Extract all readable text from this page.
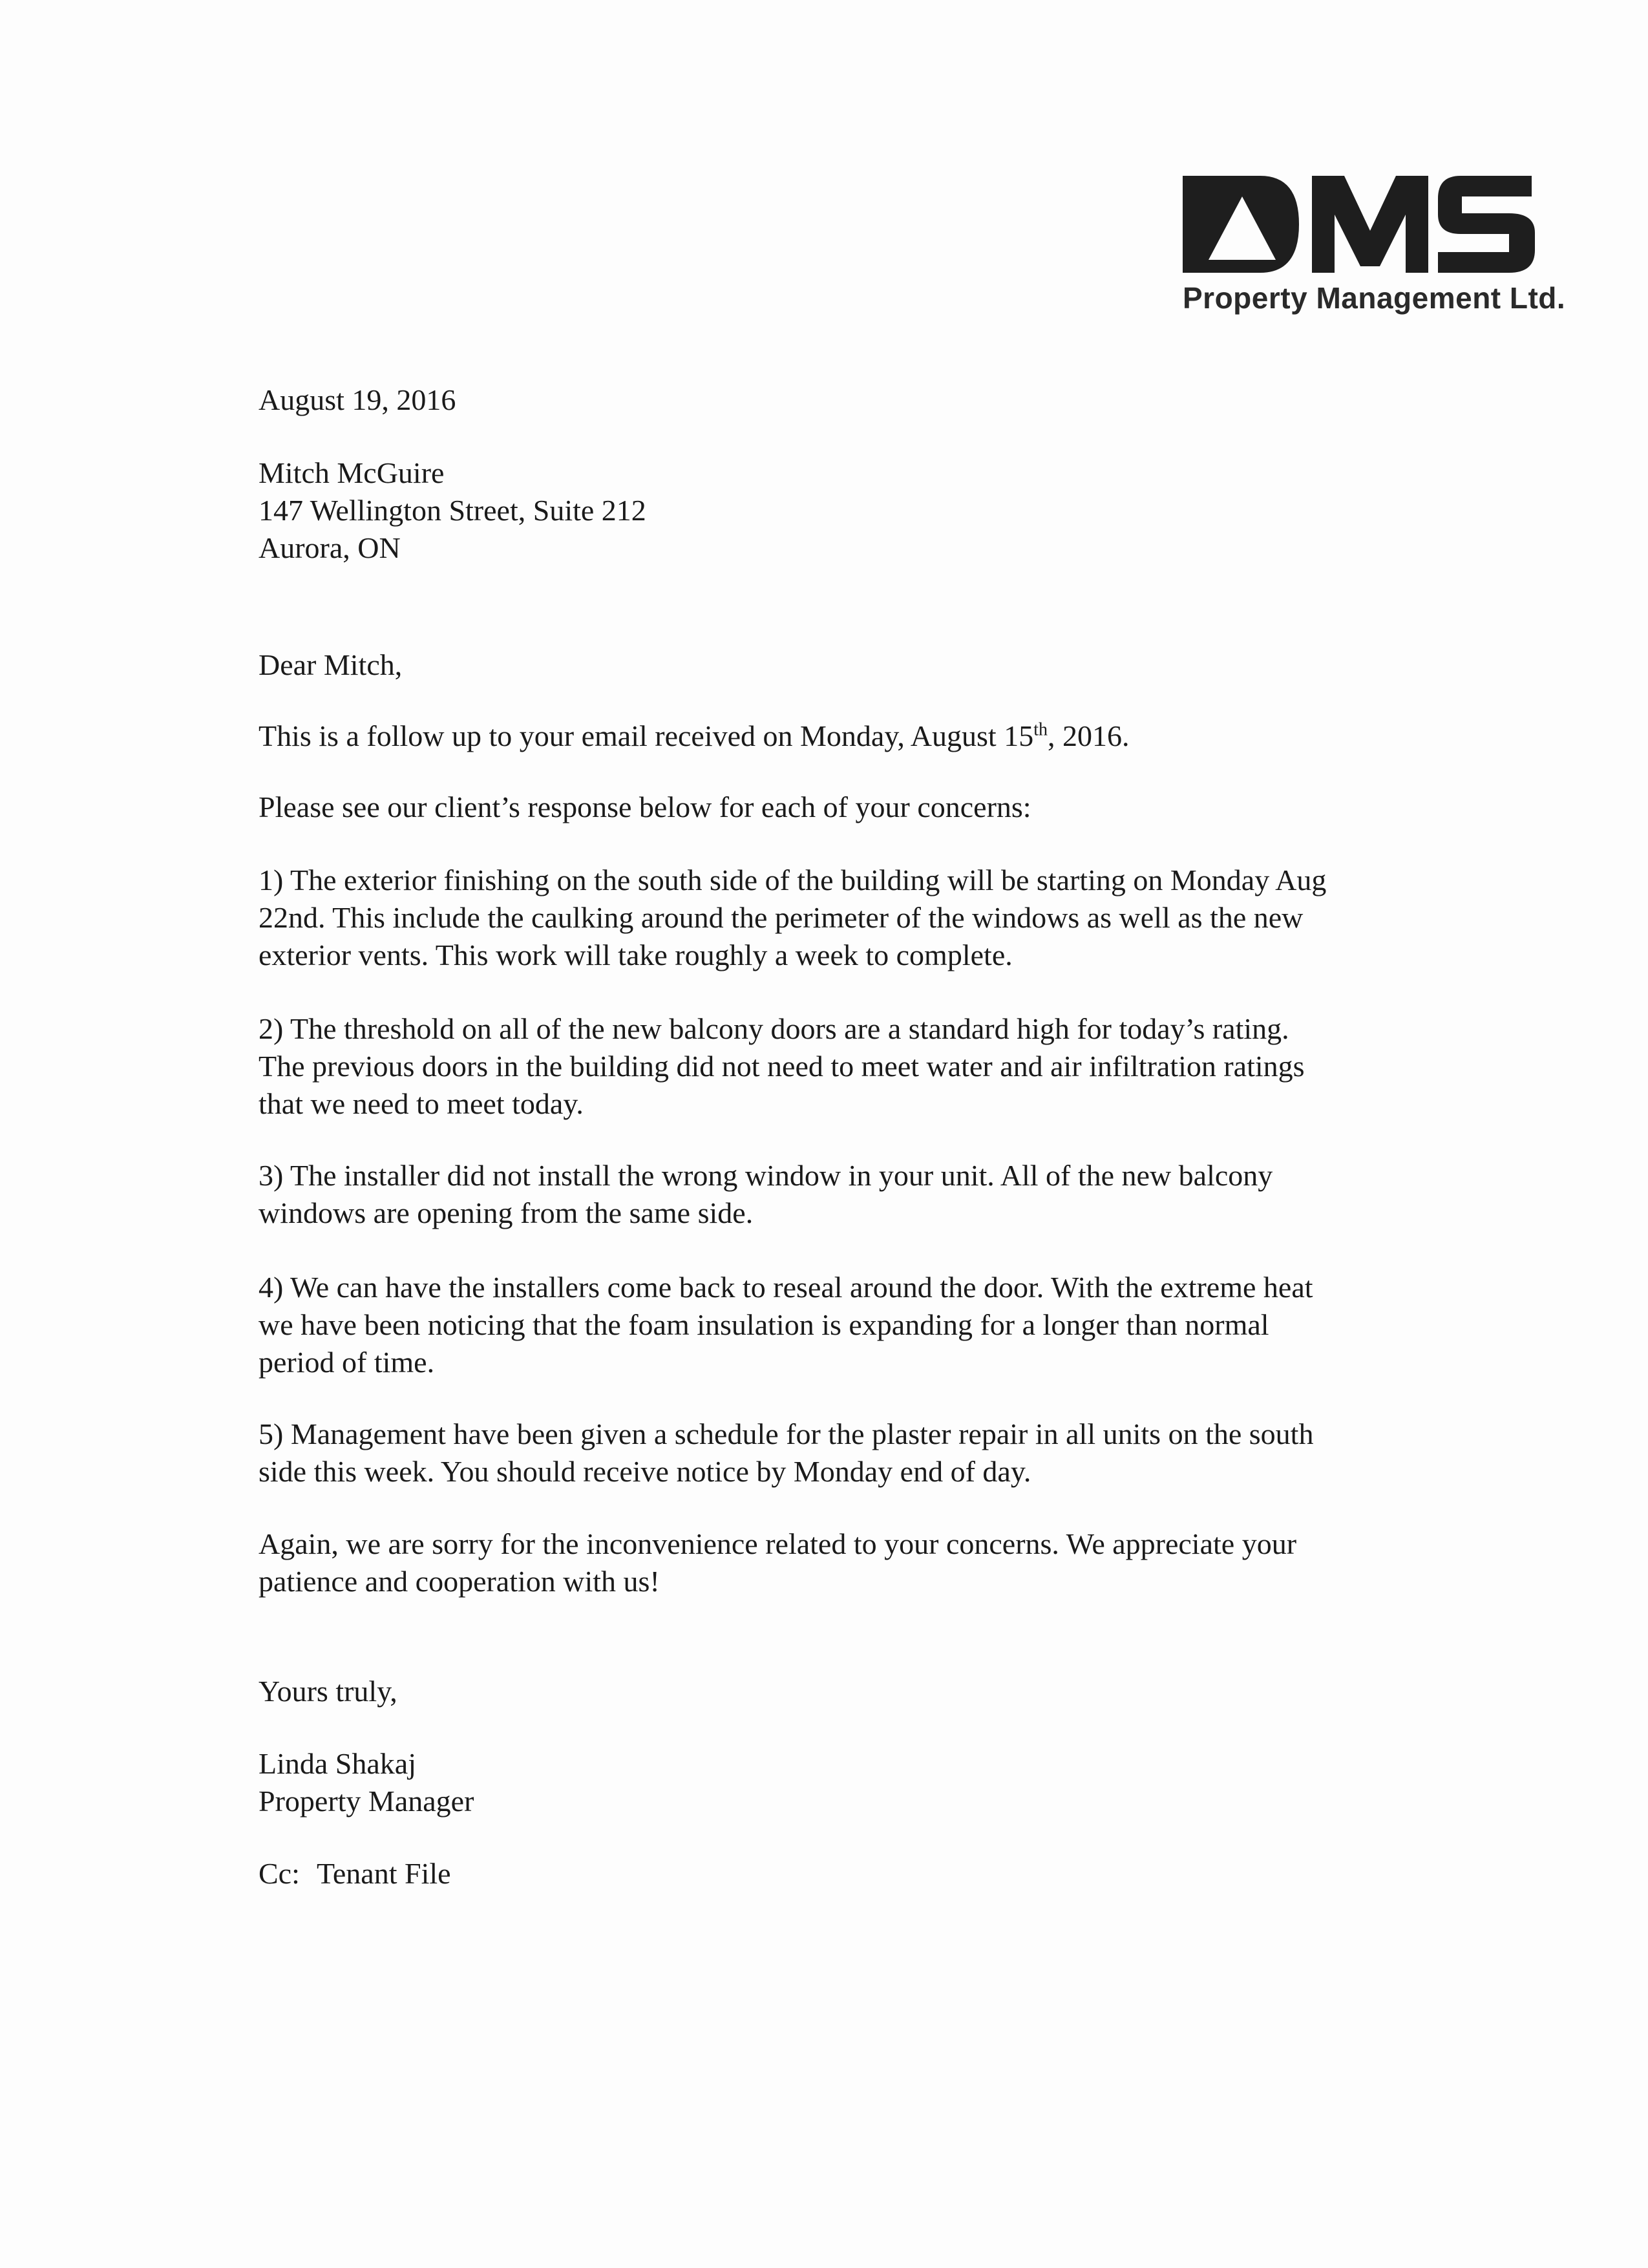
Property Management Ltd.
August 19, 2016
Mitch McGuire
147 Wellington Street, Suite 212
Aurora, ON
Dear Mitch,
This is a follow up to your email received on Monday, August 15th, 2016.
Please see our client’s response below for each of your concerns:
1) The exterior finishing on the south side of the building will be starting on Monday Aug
22nd. This include the caulking around the perimeter of the windows as well as the new
exterior vents. This work will take roughly a week to complete.
2) The threshold on all of the new balcony doors are a standard high for today’s rating.
The previous doors in the building did not need to meet water and air infiltration ratings
that we need to meet today.
3) The installer did not install the wrong window in your unit. All of the new balcony
windows are opening from the same side.
4) We can have the installers come back to reseal around the door. With the extreme heat
we have been noticing that the foam insulation is expanding for a longer than normal
period of time.
5) Management have been given a schedule for the plaster repair in all units on the south
side this week. You should receive notice by Monday end of day.
Again, we are sorry for the inconvenience related to your concerns. We appreciate your
patience and cooperation with us!
Yours truly,
Linda Shakaj
Property Manager
Cc: Tenant File
